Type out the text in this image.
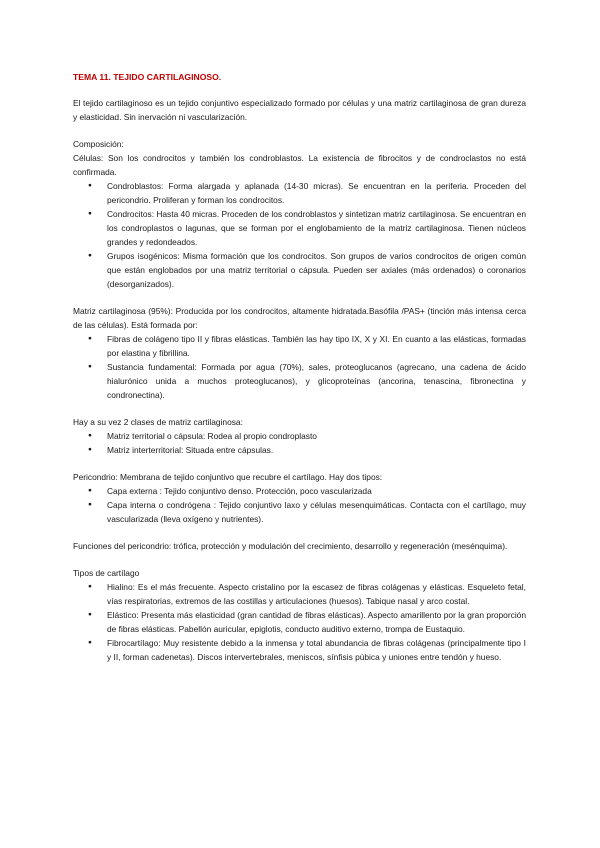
TEMA 11. TEJIDO CARTILAGINOSO.

El tejido cartilaginoso es un tejido conjuntivo especializado formado por células y una matriz cartilaginosa de gran dureza y elasticidad. Sin inervación ni vascularización.

Composición:

Células: Son los condrocitos y también los condroblastos. La existencia de fibrocitos y de condroclastos no está confirmada.

● Condroblastos: Forma alargada y aplanada (14-30 micras). Se encuentran en la periferia. Proceden del pericondrio. Proliferan y forman los condrocitos.
● Condrocitos: Hasta 40 micras. Proceden de los condroblastos y sintetizan matriz cartilaginosa. Se encuentran en los condroplastos o lagunas, que se forman por el englobamiento de la matriz cartilaginosa. Tienen núcleos grandes y redondeados.
● Grupos isogénicos: Misma formación que los condrocitos. Son grupos de varios condrocitos de origen común que están englobados por una matriz territorial o cápsula. Pueden ser axiales (más ordenados) o coronarios (desorganizados).

Matriz cartilaginosa (95%): Producida por los condrocitos, altamente hidratada.Basófila /PAS+ (tinción más intensa cerca de las células). Está formada por:

● Fibras de colágeno tipo II y fibras elásticas. También las hay tipo IX, X y XI. En cuanto a las elásticas, formadas por elastina y fibrillina.
● Sustancia fundamental: Formada por agua (70%), sales, proteoglucanos (agrecano, una cadena de ácido hialurónico unida a muchos proteoglucanos), y glicoproteínas (ancorina, tenascina, fibronectina y condronectina).

Hay a su vez 2 clases de matriz cartilaginosa:

● Matriz territorial o cápsula: Rodea al propio condroplasto
● Matriz interterritorial: Situada entre cápsulas.

Pericondrio: Membrana de tejido conjuntivo que recubre el cartílago. Hay dos tipos:

● Capa externa : Tejido conjuntivo denso. Protección, poco vascularizada
● Capa interna o condrógena : Tejido conjuntivo laxo y células mesenquimáticas. Contacta con el cartílago, muy vascularizada (lleva oxígeno y nutrientes).

Funciones del pericondrio: trófica, protección y modulación del crecimiento, desarrollo y regeneración (mesénquima).

Tipos de cartílago

● Hialino: Es el más frecuente. Aspecto cristalino por la escasez de fibras colágenas y elásticas. Esqueleto fetal, vías respiratorias, extremos de las costillas y articulaciones (huesos). Tabique nasal y arco costal.
● Elástico: Presenta más elasticidad (gran cantidad de fibras elásticas). Aspecto amarillento por la gran proporción de fibras elásticas. Pabellón auricular, epiglotis, conducto auditivo externo, trompa de Eustaquio.
● Fibrocartílago: Muy resistente debido a la inmensa y total abundancia de fibras colágenas (principalmente tipo I y II, forman cadenetas). Discos intervertebrales, meniscos, sínfisis púbica y uniones entre tendón y hueso.
